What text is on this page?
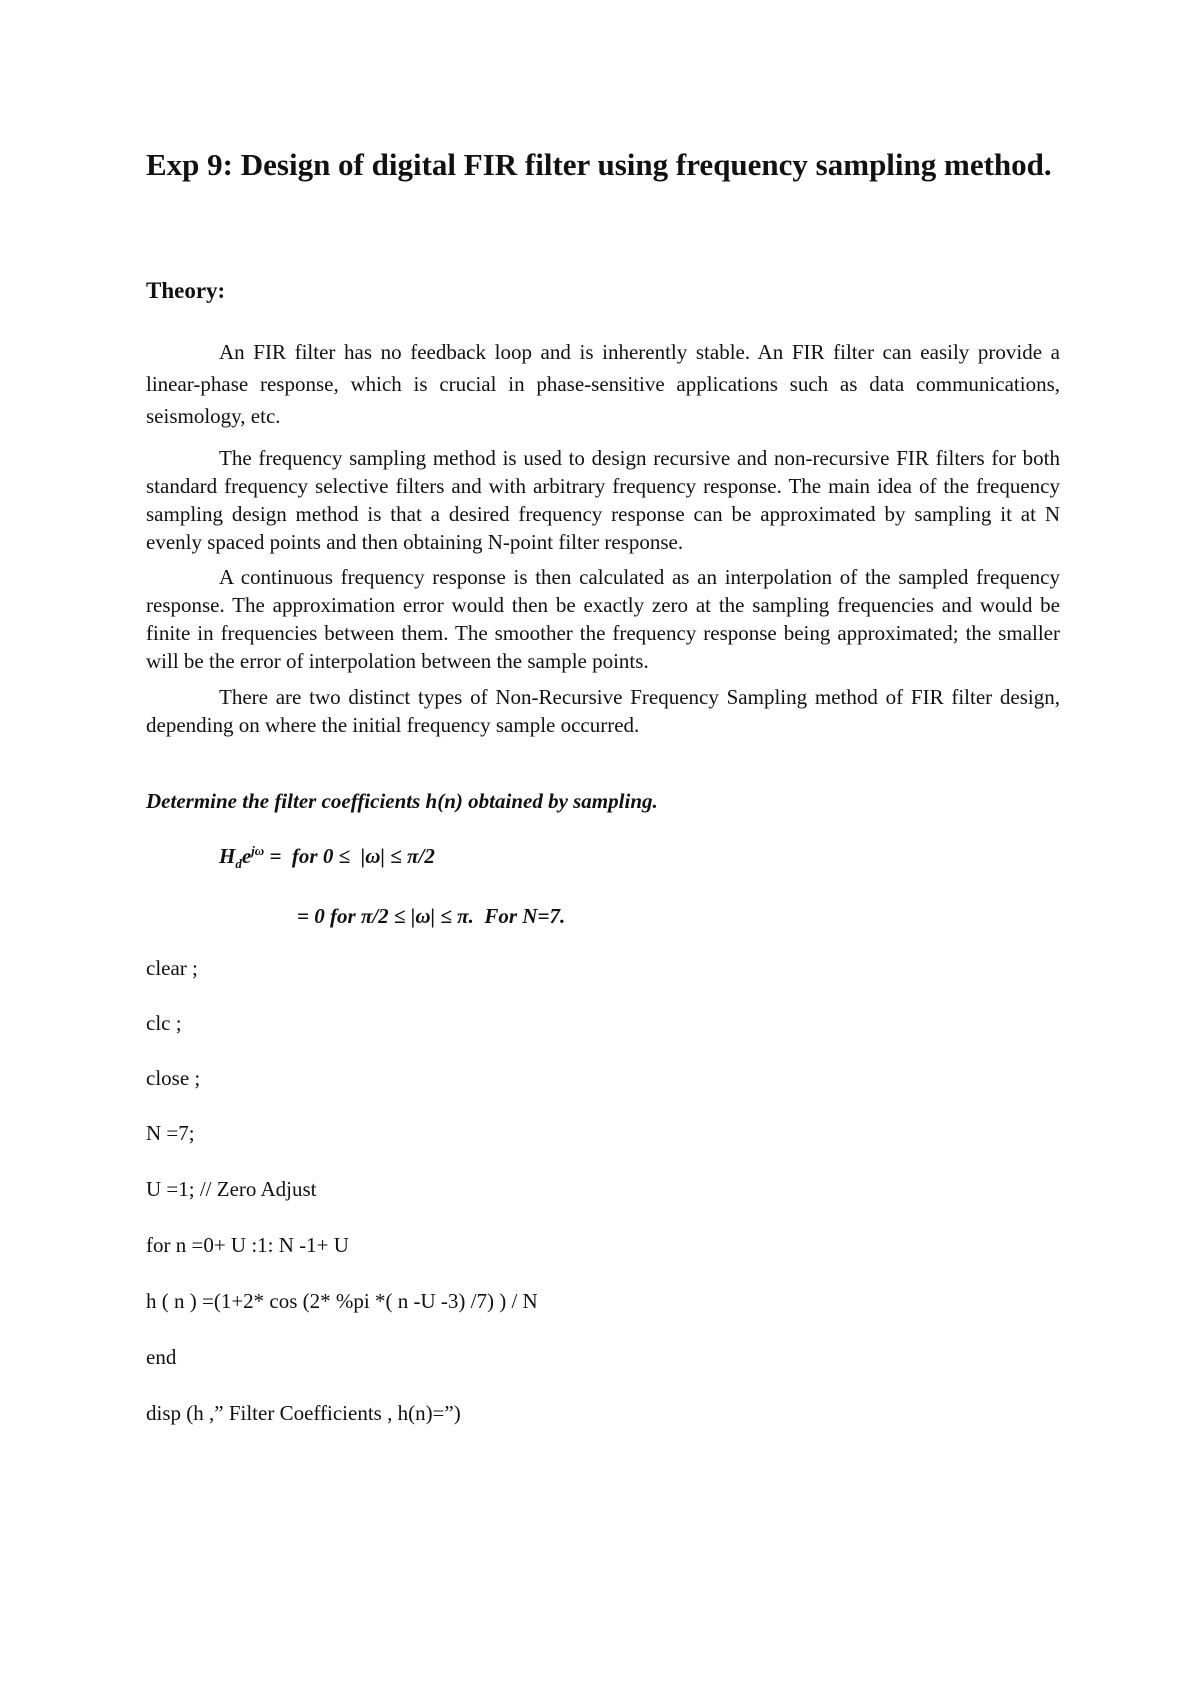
Exp 9: Design of digital FIR filter using frequency sampling method.

Theory:

An FIR filter has no feedback loop and is inherently stable. An FIR filter can easily provide a linear-phase response, which is crucial in phase-sensitive applications such as data communications, seismology, etc.

The frequency sampling method is used to design recursive and non-recursive FIR filters for both standard frequency selective filters and with arbitrary frequency response. The main idea of the frequency sampling design method is that a desired frequency response can be approximated by sampling it at N evenly spaced points and then obtaining N-point filter response.

A continuous frequency response is then calculated as an interpolation of the sampled frequency response. The approximation error would then be exactly zero at the sampling frequencies and would be finite in frequencies between them. The smoother the frequency response being approximated; the smaller will be the error of interpolation between the sample points.

There are two distinct types of Non-Recursive Frequency Sampling method of FIR filter design, depending on where the initial frequency sample occurred.

Determine the filter coefficients h(n) obtained by sampling.

$H_de^{j\omega}$ =  for 0 ≤  |ω| ≤ π/2

= 0 for π/2 ≤ |ω| ≤ π.  For N=7.

clear ;

clc ;

close ;

N =7;

U =1; // Zero Adjust

for n =0+ U :1: N -1+ U

h ( n ) =(1+2* cos (2* %pi *( n -U -3) /7) ) / N

end

disp (h ,” Filter Coefficients , h(n)=”)
